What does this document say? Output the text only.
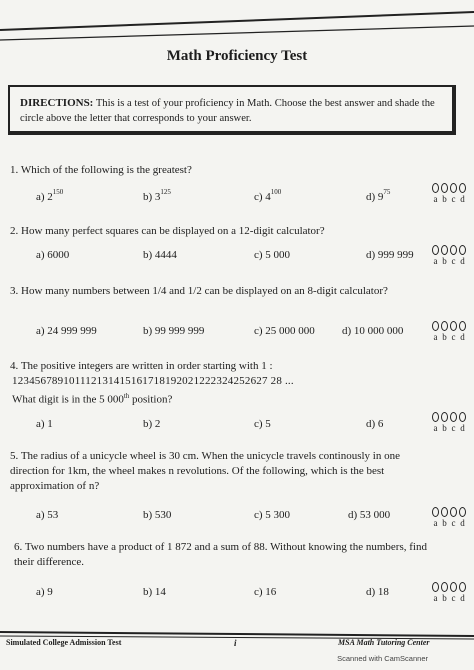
Math Proficiency Test
DIRECTIONS: This is a test of your proficiency in Math. Choose the best answer and shade the circle above the letter that corresponds to your answer.
1. Which of the following is the greatest?
a) $2^{150}$	b) $3^{125}$	c) $4^{100}$	d) $9^{75}$
a b c d
2. How many perfect squares can be displayed on a 12-digit calculator?
a) 6000	b) 4444	c) 5 000	d) 999 999 a b c d
3. How many numbers between 1/4 and 1/2 can be displayed on an 8-digit calculator?
a) 24 999 999	b) 99 999 999	c) 25 000 000 d) 10 000 000	a b c d
4. The positive integers are written in order starting with 1 :
123456789101112131415161718192021222324252627 28 ...
What digit is in the 5 000th position?
a) 1	b) 2	c) 5	d) 6	a b c d
5. The radius of a unicycle wheel is 30 cm. When the unicycle travels continously in one direction for 1km, the wheel makes n revolutions. Of the following, which is the best approximation of n?
a) 53	b) 530	c) 5 300	d) 53 000
a b c d
6. Two numbers have a product of 1 872 and a sum of 88. Without knowing the numbers, find their difference.
a) 9	b) 14	c) 16	d) 18	a b c d
Simulated College Admission Test	i	MSA Math Tutoring Center
Scanned with CamScanner
